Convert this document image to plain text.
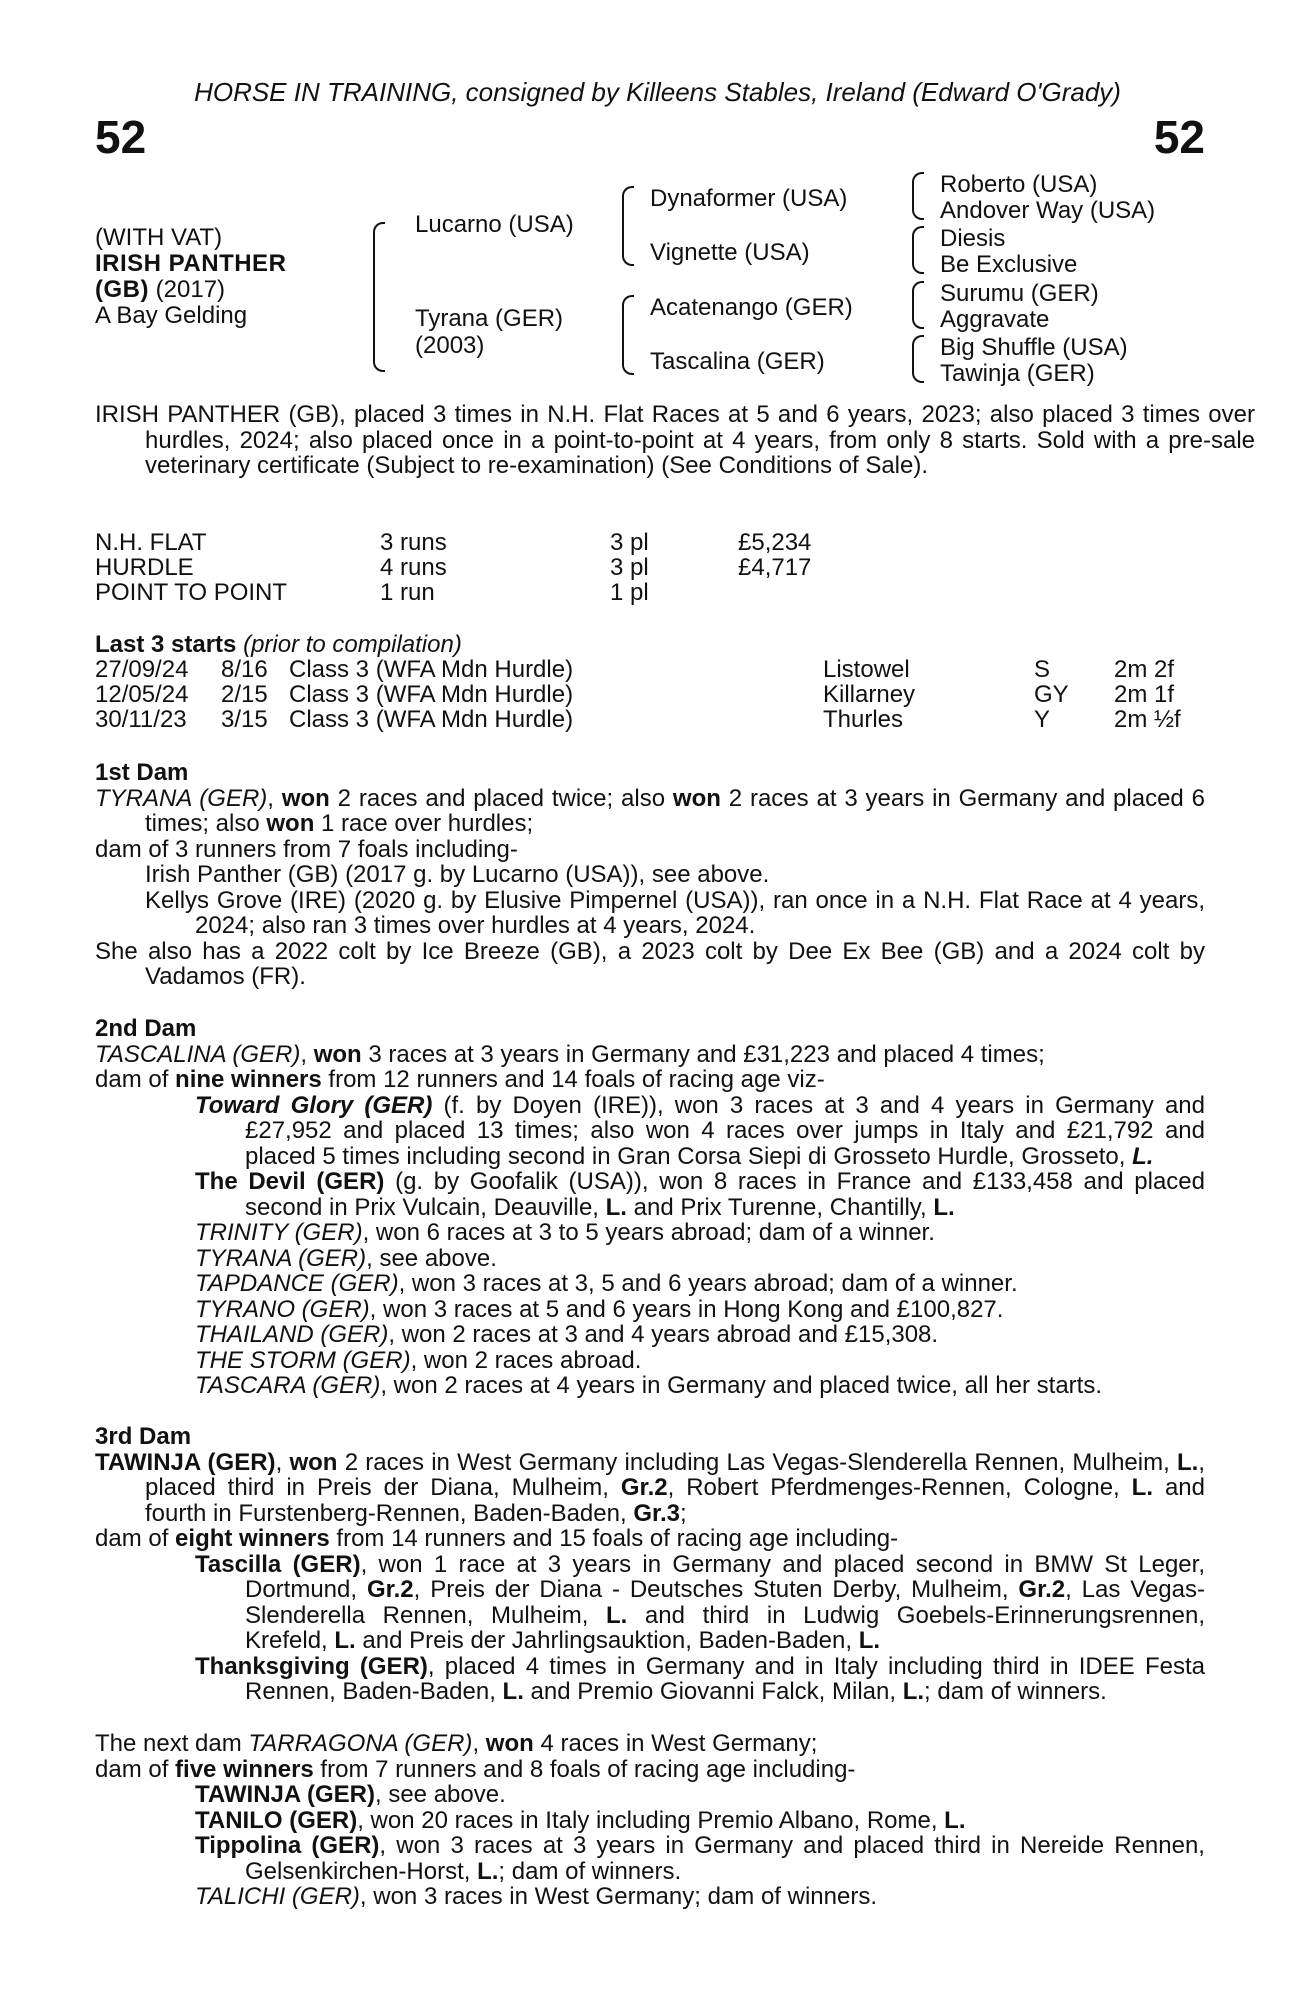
HORSE IN TRAINING, consigned by Killeens Stables, Ireland (Edward O'Grady)
52	52
(WITH VAT)
IRISH PANTHER
(GB) (2017)
A Bay Gelding
Lucarno (USA)
Tyrana (GER)
(2003)
Dynaformer (USA)
Vignette (USA)
Acatenango (GER)
Tascalina (GER)
Roberto (USA)
Andover Way (USA)
Diesis
Be Exclusive
Surumu (GER)
Aggravate
Big Shuffle (USA)
Tawinja (GER)
IRISH PANTHER (GB), placed 3 times in N.H. Flat Races at 5 and 6 years, 2023; also placed 3 times over hurdles, 2024; also placed once in a point-to-point at 4 years, from only 8 starts. Sold with a pre-sale veterinary certificate (Subject to re-examination) (See Conditions of Sale).
N.H. FLAT	3 runs	3 pl	£5,234
HURDLE	4 runs	3 pl	£4,717
POINT TO POINT	1 run	1 pl
Last 3 starts (prior to compilation)
27/09/24 8/16 Class 3 (WFA Mdn Hurdle)	Listowel	S	2m 2f
12/05/24 2/15 Class 3 (WFA Mdn Hurdle)	Killarney	GY 2m 1f
30/11/23 3/15 Class 3 (WFA Mdn Hurdle)	Thurles	Y	2m ½f
1st Dam

TYRANA (GER), won 2 races and placed twice; also won 2 races at 3 years in Germany and placed 6 times; also won 1 race over hurdles;

dam of 3 runners from 7 foals including-

Irish Panther (GB) (2017 g. by Lucarno (USA)), see above.

Kellys Grove (IRE) (2020 g. by Elusive Pimpernel (USA)), ran once in a N.H. Flat Race at 4 years, 2024; also ran 3 times over hurdles at 4 years, 2024.

She also has a 2022 colt by Ice Breeze (GB), a 2023 colt by Dee Ex Bee (GB) and a 2024 colt by Vadamos (FR).

2nd Dam

TASCALINA (GER), won 3 races at 3 years in Germany and £31,223 and placed 4 times;

dam of nine winners from 12 runners and 14 foals of racing age viz-

Toward Glory (GER) (f. by Doyen (IRE)), won 3 races at 3 and 4 years in Germany and £27,952 and placed 13 times; also won 4 races over jumps in Italy and £21,792 and placed 5 times including second in Gran Corsa Siepi di Grosseto Hurdle, Grosseto, L.

The Devil (GER) (g. by Goofalik (USA)), won 8 races in France and £133,458 and placed second in Prix Vulcain, Deauville, L. and Prix Turenne, Chantilly, L.

TRINITY (GER), won 6 races at 3 to 5 years abroad; dam of a winner.

TYRANA (GER), see above.

TAPDANCE (GER), won 3 races at 3, 5 and 6 years abroad; dam of a winner.

TYRANO (GER), won 3 races at 5 and 6 years in Hong Kong and £100,827.

THAILAND (GER), won 2 races at 3 and 4 years abroad and £15,308.

THE STORM (GER), won 2 races abroad.

TASCARA (GER), won 2 races at 4 years in Germany and placed twice, all her starts.

3rd Dam

TAWINJA (GER), won 2 races in West Germany including Las Vegas-Slenderella Rennen, Mulheim, L., placed third in Preis der Diana, Mulheim, Gr.2, Robert Pferdmenges-Rennen, Cologne, L. and fourth in Furstenberg-Rennen, Baden-Baden, Gr.3;

dam of eight winners from 14 runners and 15 foals of racing age including-

Tascilla (GER), won 1 race at 3 years in Germany and placed second in BMW St Leger, Dortmund, Gr.2, Preis der Diana - Deutsches Stuten Derby, Mulheim, Gr.2, Las Vegas-Slenderella Rennen, Mulheim, L. and third in Ludwig Goebels-Erinnerungsrennen, Krefeld, L. and Preis der Jahrlingsauktion, Baden-Baden, L.

Thanksgiving (GER), placed 4 times in Germany and in Italy including third in IDEE Festa Rennen, Baden-Baden, L. and Premio Giovanni Falck, Milan, L.; dam of winners.

The next dam TARRAGONA (GER), won 4 races in West Germany;

dam of five winners from 7 runners and 8 foals of racing age including-

TAWINJA (GER), see above.

TANILO (GER), won 20 races in Italy including Premio Albano, Rome, L.

Tippolina (GER), won 3 races at 3 years in Germany and placed third in Nereide Rennen, Gelsenkirchen-Horst, L.; dam of winners.

TALICHI (GER), won 3 races in West Germany; dam of winners.
